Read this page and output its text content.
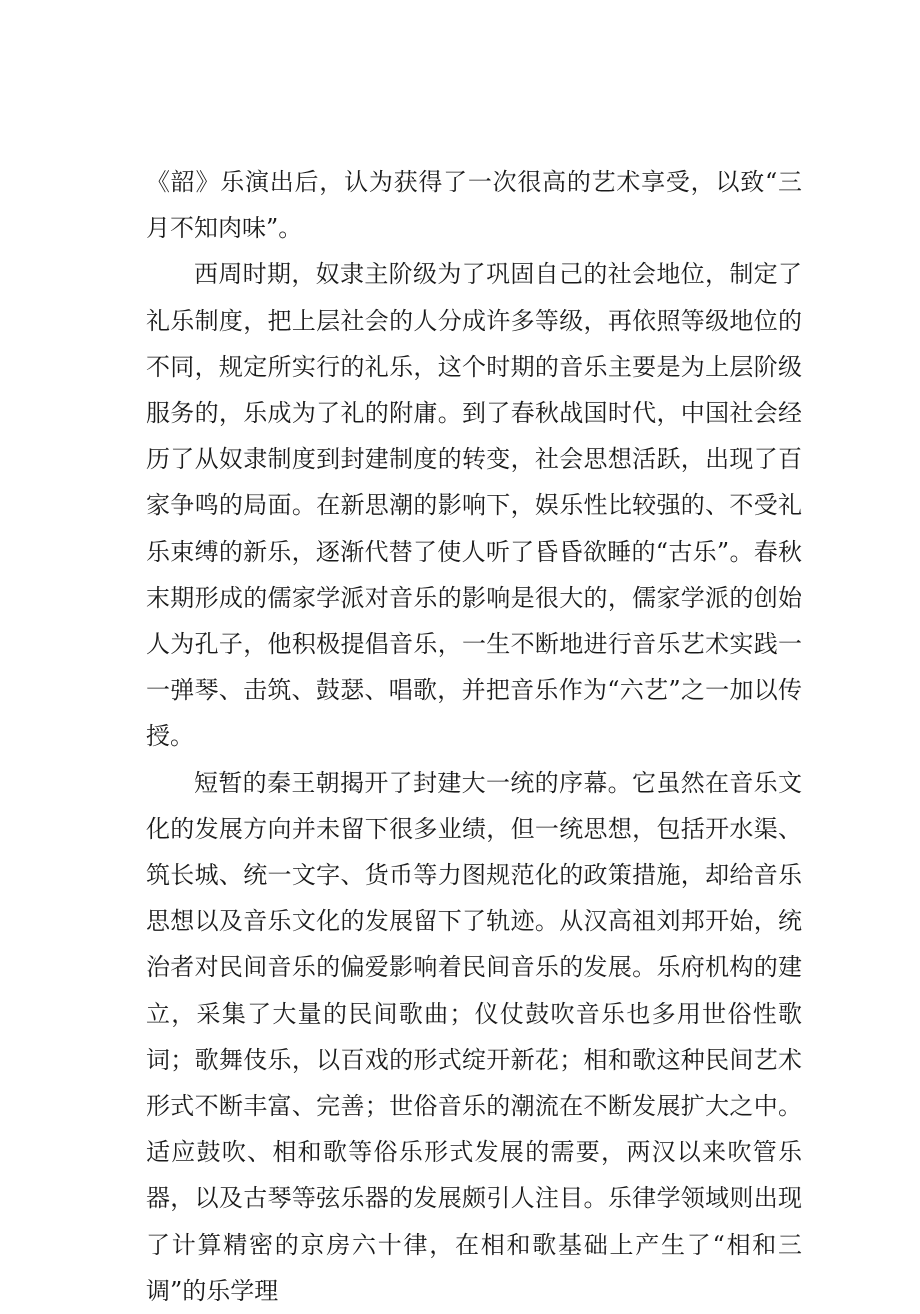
《韶》乐演出后，认为获得了一次很高的艺术享受，以致“三月不知肉味”。

西周时期，奴隶主阶级为了巩固自己的社会地位，制定了礼乐制度，把上层社会的人分成许多等级，再依照等级地位的不同，规定所实行的礼乐，这个时期的音乐主要是为上层阶级服务的，乐成为了礼的附庸。到了春秋战国时代，中国社会经历了从奴隶制度到封建制度的转变，社会思想活跃，出现了百家争鸣的局面。在新思潮的影响下，娱乐性比较强的、不受礼乐束缚的新乐，逐渐代替了使人听了昏昏欲睡的“古乐”。春秋末期形成的儒家学派对音乐的影响是很大的，儒家学派的创始人为孔子，他积极提倡音乐，一生不断地进行音乐艺术实践一一弹琴、击筑、鼓瑟、唱歌，并把音乐作为“六艺”之一加以传授。

短暂的秦王朝揭开了封建大一统的序幕。它虽然在音乐文化的发展方向并未留下很多业绩，但一统思想，包括开水渠、筑长城、统一文字、货币等力图规范化的政策措施，却给音乐思想以及音乐文化的发展留下了轨迹。从汉高祖刘邦开始，统治者对民间音乐的偏爱影响着民间音乐的发展。乐府机构的建立，采集了大量的民间歌曲；仪仗鼓吹音乐也多用世俗性歌词；歌舞伎乐，以百戏的形式绽开新花；相和歌这种民间艺术形式不断丰富、完善；世俗音乐的潮流在不断发展扩大之中。适应鼓吹、相和歌等俗乐形式发展的需要，两汉以来吹管乐器，以及古琴等弦乐器的发展颇引人注目。乐律学领域则出现了计算精密的京房六十律，在相和歌基础上产生了“相和三调”的乐学理
